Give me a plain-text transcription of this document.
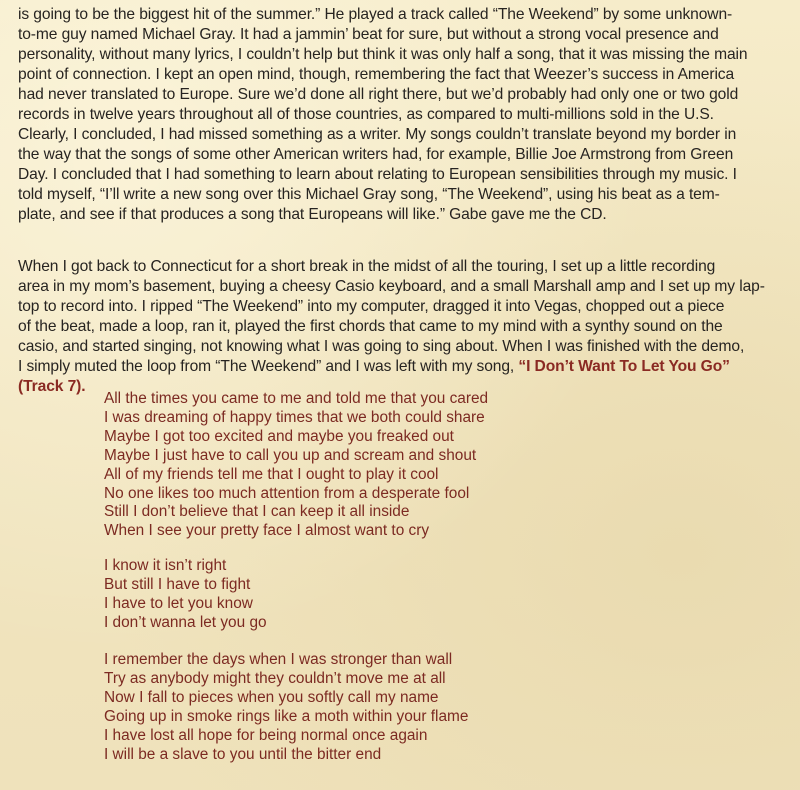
is going to be the biggest hit of the summer.” He played a track called “The Weekend” by some unknown-
to-me guy named Michael Gray. It had a jammin’ beat for sure, but without a strong vocal presence and
personality, without many lyrics, I couldn’t help but think it was only half a song, that it was missing the main
point of connection. I kept an open mind, though, remembering the fact that Weezer’s success in America
had never translated to Europe. Sure we’d done all right there, but we’d probably had only one or two gold
records in twelve years throughout all of those countries, as compared to multi-millions sold in the U.S.
Clearly, I concluded, I had missed something as a writer. My songs couldn’t translate beyond my border in
the way that the songs of some other American writers had, for example, Billie Joe Armstrong from Green
Day. I concluded that I had something to learn about relating to European sensibilities through my music. I
told myself, “I’ll write a new song over this Michael Gray song, “The Weekend”, using his beat as a tem-
plate, and see if that produces a song that Europeans will like.” Gabe gave me the CD.
When I got back to Connecticut for a short break in the midst of all the touring, I set up a little recording
area in my mom’s basement, buying a cheesy Casio keyboard, and a small Marshall amp and I set up my lap-
top to record into. I ripped “The Weekend” into my computer, dragged it into Vegas, chopped out a piece
of the beat, made a loop, ran it, played the first chords that came to my mind with a synthy sound on the
casio, and started singing, not knowing what I was going to sing about. When I was finished with the demo,
I simply muted the loop from “The Weekend” and I was left with my song, “I Don’t Want To Let You Go”
(Track 7).
All the times you came to me and told me that you cared
I was dreaming of happy times that we both could share
Maybe I got too excited and maybe you freaked out
Maybe I just have to call you up and scream and shout
All of my friends tell me that I ought to play it cool
No one likes too much attention from a desperate fool
Still I don’t believe that I can keep it all inside
When I see your pretty face I almost want to cry
I know it isn’t right
But still I have to fight
I have to let you know
I don’t wanna let you go
I remember the days when I was stronger than wall
Try as anybody might they couldn’t move me at all
Now I fall to pieces when you softly call my name
Going up in smoke rings like a moth within your flame
I have lost all hope for being normal once again
I will be a slave to you until the bitter end
